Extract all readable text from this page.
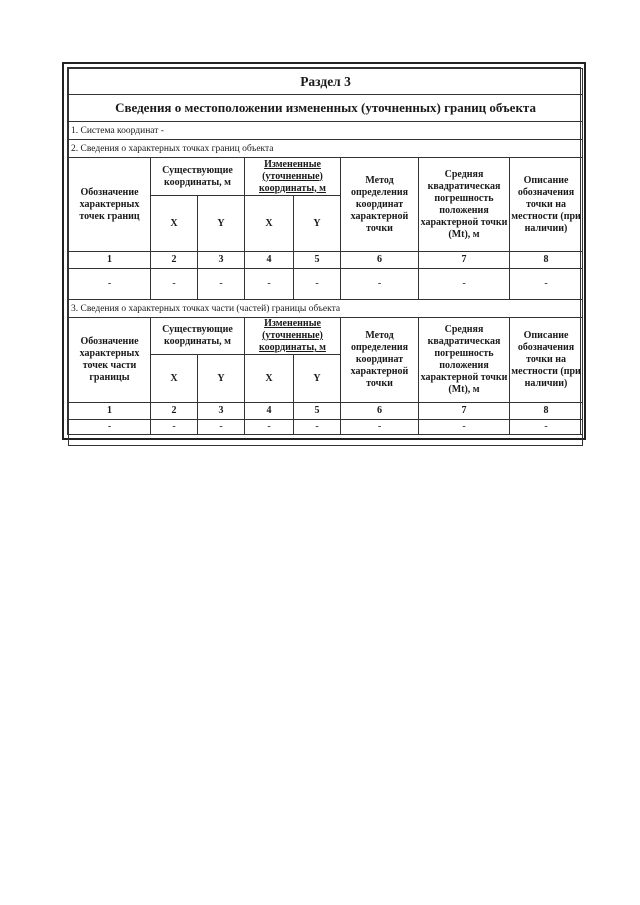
Раздел 3							
Сведения о местоположении измененных (уточненных) границ объекта							
1. Система координат -							
2. Сведения о характерных точках границ объекта							
Обозначение характерных точек границ	Существующие координаты, м		Измененные (уточненные) координаты, м		Метод определения координат характерной точки	Средняя квадратическая погрешность положения характерной точки (Mt), м	Описание обозначения точки на местности (при наличии)
	X	Y	X	Y			
1	2	3	4	5	6	7	8
-	-	-	-	-	-	-	-
3. Сведения о характерных точках части (частей) границы объекта							
Обозначение характерных точек части границы	Существующие координаты, м		Измененные (уточненные) координаты, м		Метод определения координат характерной точки	Средняя квадратическая погрешность положения характерной точки (Mt), м	Описание обозначения точки на местности (при наличии)
	X	Y	X	Y			
1	2	3	4	5	6	7	8
-	-	-	-	-	-	-	-
